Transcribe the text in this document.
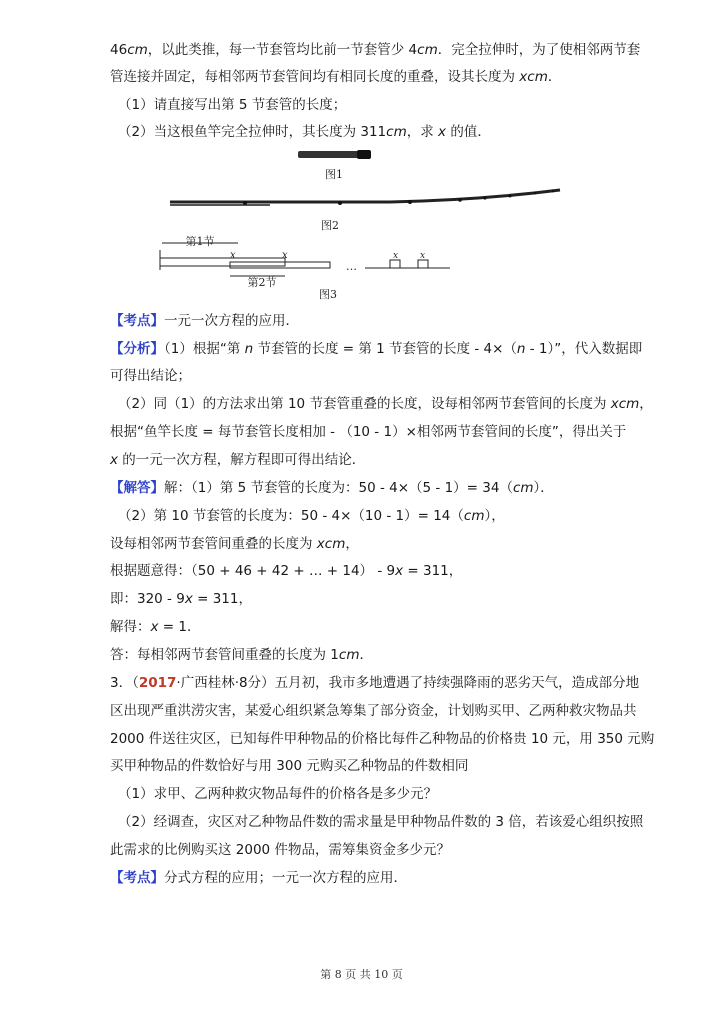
46cm，以此类推，每一节套管均比前一节套管少 4cm．完全拉伸时，为了使相邻两节套
管连接并固定，每相邻两节套管间均有相同长度的重叠，设其长度为 xcm．
（1）请直接写出第 5 节套管的长度；
（2）当这根鱼竿完全拉伸时，其长度为 311cm，求 x 的值．
图1
图2
第1节
x	x
第2节
…
x x
图3
【考点】一元一次方程的应用．
【分析】（1）根据“第 n 节套管的长度 = 第 1 节套管的长度 - 4×（n - 1）”，代入数据即
可得出结论；
（2）同（1）的方法求出第 10 节套管重叠的长度，设每相邻两节套管间的长度为 xcm，
根据“鱼竿长度 = 每节套管长度相加 - （10 - 1）×相邻两节套管间的长度”，得出关于
x 的一元一次方程，解方程即可得出结论．
【解答】解：（1）第 5 节套管的长度为：50 - 4×（5 - 1）= 34（cm）．
（2）第 10 节套管的长度为：50 - 4×（10 - 1）= 14（cm），
设每相邻两节套管间重叠的长度为 xcm，
根据题意得：（50 + 46 + 42 + … + 14） - 9x = 311，
即：320 - 9x = 311，
解得：x = 1．
答：每相邻两节套管间重叠的长度为 1cm．
3．（2017·广西桂林·8分）五月初，我市多地遭遇了持续强降雨的恶劣天气，造成部分地
区出现严重洪涝灾害，某爱心组织紧急筹集了部分资金，计划购买甲、乙两种救灾物品共
2000 件送往灾区，已知每件甲种物品的价格比每件乙种物品的价格贵 10 元，用 350 元购
买甲种物品的件数恰好与用 300 元购买乙种物品的件数相同
（1）求甲、乙两种救灾物品每件的价格各是多少元？
（2）经调查，灾区对乙种物品件数的需求量是甲种物品件数的 3 倍，若该爱心组织按照
此需求的比例购买这 2000 件物品，需筹集资金多少元？
【考点】分式方程的应用；一元一次方程的应用．
第 8 页 共 10 页
